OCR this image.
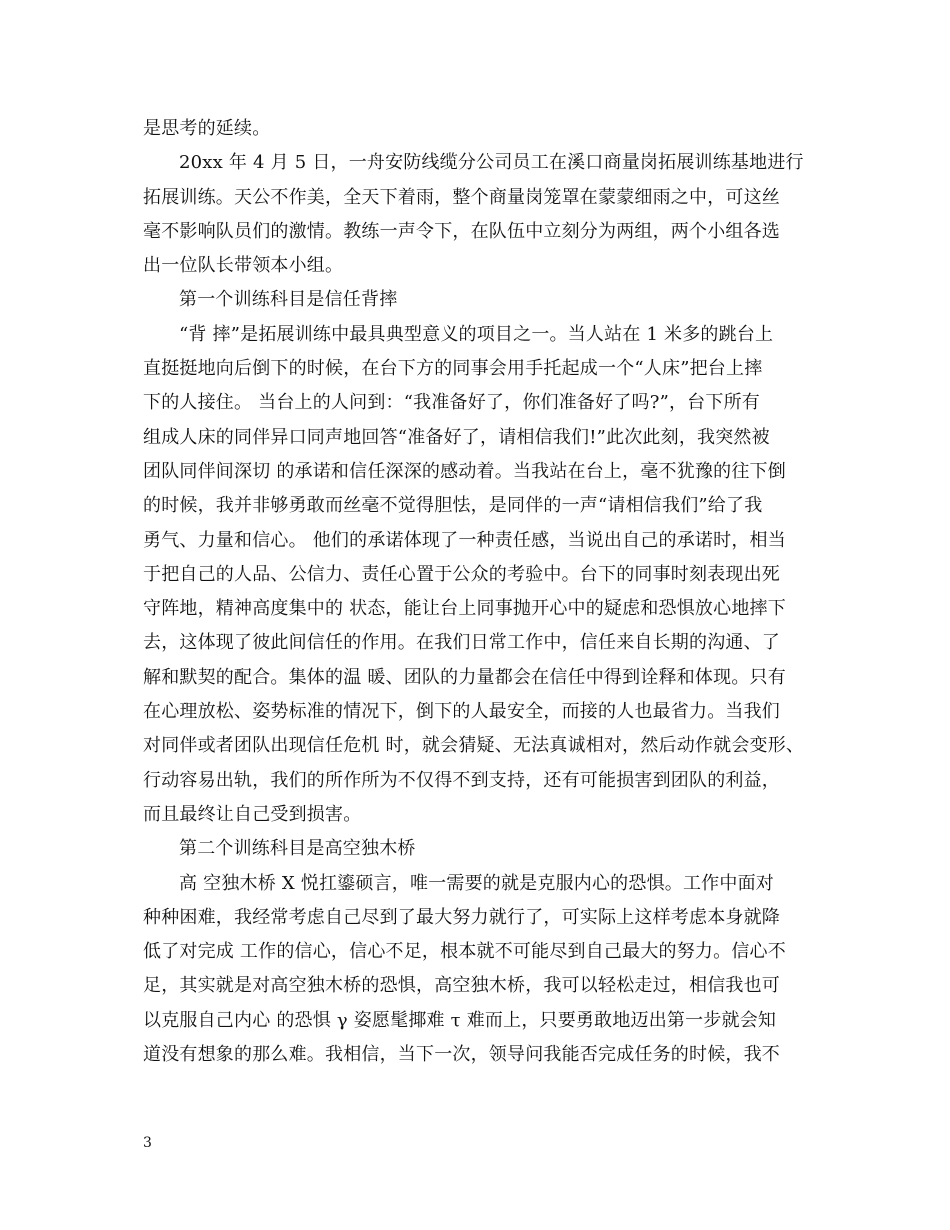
是思考的延续。
20xx 年 4 月 5 日，一舟安防线缆分公司员工在溪口商量岗拓展训练基地进行
拓展训练。天公不作美，全天下着雨，整个商量岗笼罩在蒙蒙细雨之中，可这丝
毫不影响队员们的激情。教练一声令下，在队伍中立刻分为两组，两个小组各选
出一位队长带领本小组。
第一个训练科目是信任背摔
“背 摔”是拓展训练中最具典型意义的项目之一。当人站在 1 米多的跳台上
直挺挺地向后倒下的时候，在台下方的同事会用手托起成一个“人床”把台上摔
下的人接住。 当台上的人问到：“我准备好了，你们准备好了吗?”，台下所有
组成人床的同伴异口同声地回答“准备好了，请相信我们!”此次此刻，我突然被
团队同伴间深切 的承诺和信任深深的感动着。当我站在台上，毫不犹豫的往下倒
的时候，我并非够勇敢而丝毫不觉得胆怯，是同伴的一声“请相信我们”给了我
勇气、力量和信心。 他们的承诺体现了一种责任感，当说出自己的承诺时，相当
于把自己的人品、公信力、责任心置于公众的考验中。台下的同事时刻表现出死
守阵地，精神高度集中的 状态，能让台上同事抛开心中的疑虑和恐惧放心地摔下
去，这体现了彼此间信任的作用。在我们日常工作中，信任来自长期的沟通、了
解和默契的配合。集体的温 暖、团队的力量都会在信任中得到诠释和体现。只有
在心理放松、姿势标准的情况下，倒下的人最安全，而接的人也最省力。当我们
对同伴或者团队出现信任危机 时，就会猜疑、无法真诚相对，然后动作就会变形、
行动容易出轨，我们的所作所为不仅得不到支持，还有可能损害到团队的利益，
而且最终让自己受到损害。
第二个训练科目是高空独木桥
高 空独木桥 X 悦扛鎏硕言，唯一需要的就是克服内心的恐惧。工作中面对
种种困难，我经常考虑自己尽到了最大努力就行了，可实际上这样考虑本身就降
低了对完成 工作的信心，信心不足，根本就不可能尽到自己最大的努力。信心不
足，其实就是对高空独木桥的恐惧，高空独木桥，我可以轻松走过，相信我也可
以克服自己内心 的恐惧 γ 姿愿髦揶难 τ 难而上，只要勇敢地迈出第一步就会知
道没有想象的那么难。我相信，当下一次，领导问我能否完成任务的时候，我不
3
